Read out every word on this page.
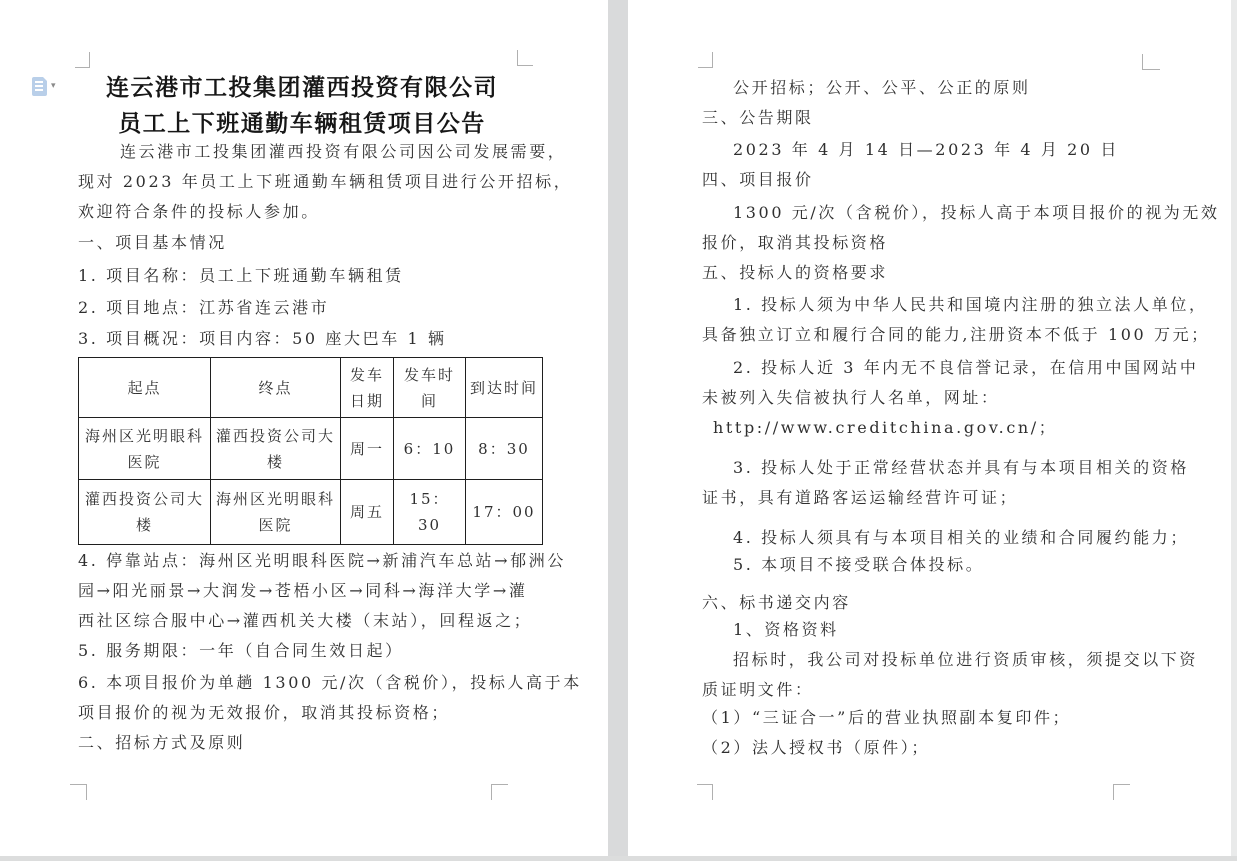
▾	连云港市工投集团灌西投资有限公司
员工上下班通勤车辆租赁项目公告
连云港市工投集团灌西投资有限公司因公司发展需要，
现对 2023 年员工上下班通勤车辆租赁项目进行公开招标，
欢迎符合条件的投标人参加。
一、项目基本情况
1. 项目名称：员工上下班通勤车辆租赁
2. 项目地点：江苏省连云港市
3. 项目概况：项目内容：50 座大巴车 1 辆
4. 停靠站点：海州区光明眼科医院→新浦汽车总站→郁洲公
园→阳光丽景→大润发→苍梧小区→同科→海洋大学→灌
西社区综合服中心→灌西机关大楼（末站），回程返之；
5. 服务期限：一年（自合同生效日起）
6. 本项目报价为单趟 1300 元/次（含税价），投标人高于本
项目报价的视为无效报价，取消其投标资格；
二、招标方式及原则
起点	终点	发车日期	发车时间	到达时间
海州区光明眼科医院	灌西投资公司大楼	周一	6：10	8：30
灌西投资公司大楼	海州区光明眼科医院	周五	15：30	17：00
公开招标；公开、公平、公正的原则
三、公告期限
2023 年 4 月 14 日—2023 年 4 月 20 日
四、项目报价
1300 元/次（含税价），投标人高于本项目报价的视为无效
报价，取消其投标资格
五、投标人的资格要求
1. 投标人须为中华人民共和国境内注册的独立法人单位，
具备独立订立和履行合同的能力,注册资本不低于 100 万元；
2. 投标人近 3 年内无不良信誉记录，在信用中国网站中
未被列入失信被执行人名单，网址：
http://www.creditchina.gov.cn/；
3. 投标人处于正常经营状态并具有与本项目相关的资格
证书，具有道路客运运输经营许可证；
4. 投标人须具有与本项目相关的业绩和合同履约能力；
5. 本项目不接受联合体投标。
六、标书递交内容
1、资格资料
招标时，我公司对投标单位进行资质审核，须提交以下资
质证明文件：
（1）“三证合一”后的营业执照副本复印件；
（2）法人授权书（原件）；
